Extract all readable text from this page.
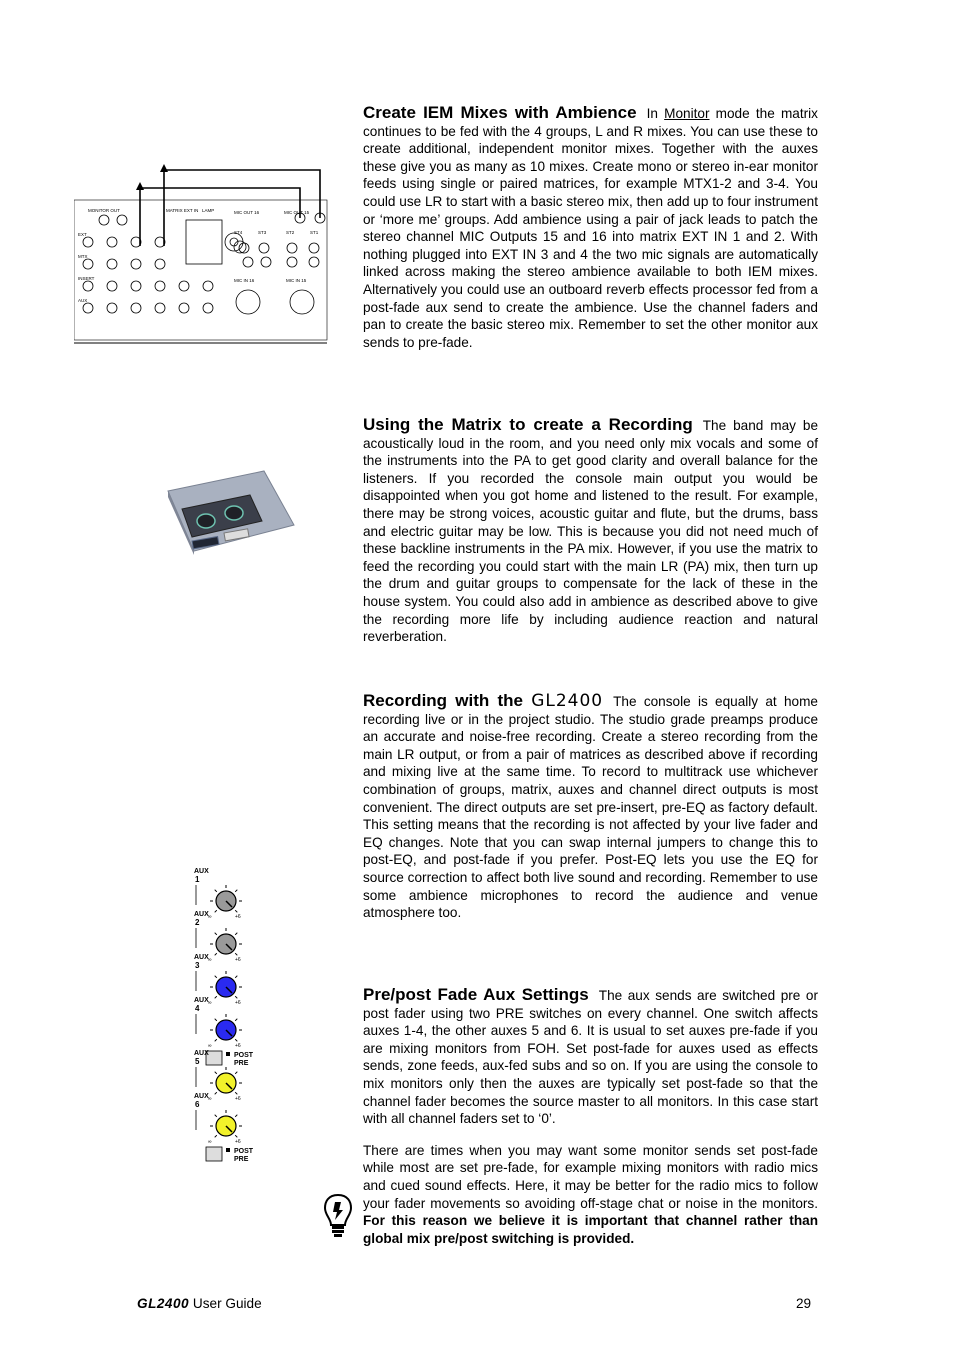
MONITOR OUT	MATRIX EXT IN LAMP	MIC OUT 16	MIC OUT 15
ST4	ST3	ST2	ST1
MIC IN 16	MIC IN 15
EXT
MTX
INSERT
AUX
AUX
1
∞	+6
AUX
2
∞	+6
AUX
3
∞	+6
AUX
4
∞	+6
POST
PRE
AUX
5
∞	+6
AUX
6
∞	+6
POST
PRE

Create IEM Mixes with Ambience In Monitor mode the matrix continues to be fed with the 4 groups, L and R mixes. You can use these to create additional, independent monitor mixes. Together with the auxes these give you as many as 10 mixes. Create mono or stereo in-ear monitor feeds using single or paired matrices, for example MTX1-2 and 3-4. You could use LR to start with a basic stereo mix, then add up to four instrument or ‘more me’ groups. Add ambience using a pair of jack leads to patch the stereo channel MIC Outputs 15 and 16 into matrix EXT IN 1 and 2. With nothing plugged into EXT IN 3 and 4 the two mic signals are automatically linked across making the stereo ambience available to both IEM mixes. Alternatively you could use an outboard reverb effects processor fed from a post-fade aux send to create the ambience. Use the channel faders and pan to create the basic stereo mix. Remember to set the other monitor aux sends to pre-fade.

Using the Matrix to create a Recording The band may be acoustically loud in the room, and you need only mix vocals and some of the instruments into the PA to get good clarity and overall balance for the listeners. If you recorded the console main output you would be disappointed when you got home and listened to the result. For example, there may be strong voices, acoustic guitar and flute, but the drums, bass and electric guitar may be low. This is because you did not need much of these backline instruments in the PA mix. However, if you use the matrix to feed the recording you could start with the main LR (PA) mix, then turn up the drum and guitar groups to compensate for the lack of these in the house system. You could also add in ambience as described above to give the recording more life by including audience reaction and natural reverberation.

Recording with the GL2400 The console is equally at home recording live or in the project studio. The studio grade preamps produce an accurate and noise-free recording. Create a stereo recording from the main LR output, or from a pair of matrices as described above if recording and mixing live at the same time. To record to multitrack use whichever combination of groups, matrix, auxes and channel direct outputs is most convenient. The direct outputs are set pre-insert, pre-EQ as factory default. This setting means that the recording is not affected by your live fader and EQ changes. Note that you can swap internal jumpers to change this to post-EQ, and post-fade if you prefer. Post-EQ lets you use the EQ for source correction to affect both live sound and recording. Remember to use some ambience microphones to record the audience and venue atmosphere too.

Pre/post Fade Aux Settings The aux sends are switched pre or post fader using two PRE switches on every channel. One switch affects auxes 1-4, the other auxes 5 and 6. It is usual to set auxes pre-fade if you are mixing monitors from FOH. Set post-fade for auxes used as effects sends, zone feeds, aux-fed subs and so on. If you are using the console to mix monitors only then the auxes are typically set post-fade so that the channel fader becomes the source master to all monitors. In this case start with all channel faders set to ‘0’.

There are times when you may want some monitor sends set post-fade while most are set pre-fade, for example mixing monitors with radio mics and cued sound effects. Here, it may be better for the radio mics to follow your fader movements so avoiding off-stage chat or noise in the monitors. For this reason we believe it is important that channel rather than global mix pre/post switching is provided.

GL2400 User Guide	29
